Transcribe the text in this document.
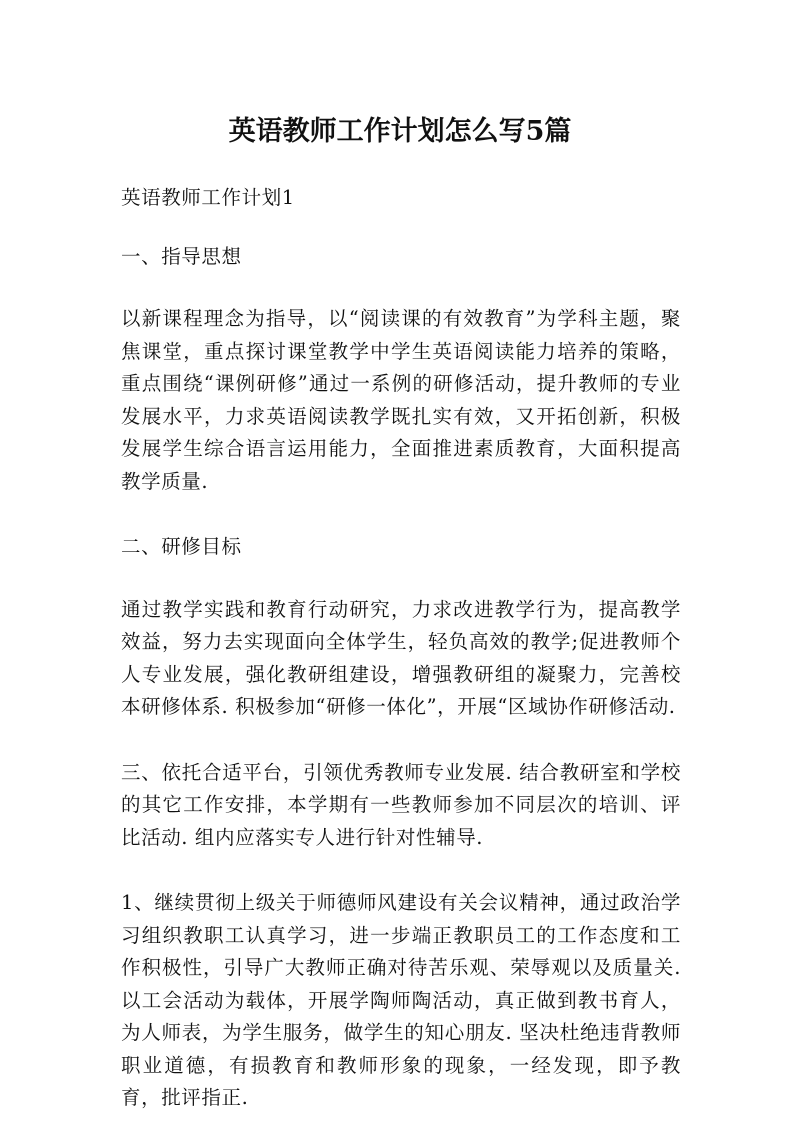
英语教师工作计划怎么写5篇

英语教师工作计划1

一、指导思想

以新课程理念为指导，以“阅读课的有效教育”为学科主题，聚焦课堂，重点探讨课堂教学中学生英语阅读能力培养的策略，重点围绕“课例研修”通过一系例的研修活动，提升教师的专业发展水平，力求英语阅读教学既扎实有效，又开拓创新，积极发展学生综合语言运用能力，全面推进素质教育，大面积提高教学质量.

二、研修目标

通过教学实践和教育行动研究，力求改进教学行为，提高教学效益，努力去实现面向全体学生，轻负高效的教学;促进教师个人专业发展，强化教研组建设，增强教研组的凝聚力，完善校本研修体系. 积极参加“研修一体化”，开展“区域协作研修活动.

三、依托合适平台，引领优秀教师专业发展. 结合教研室和学校的其它工作安排，本学期有一些教师参加不同层次的培训、评比活动. 组内应落实专人进行针对性辅导.

1、继续贯彻上级关于师德师风建设有关会议精神，通过政治学习组织教职工认真学习，进一步端正教职员工的工作态度和工作积极性，引导广大教师正确对待苦乐观、荣辱观以及质量关. 以工会活动为载体，开展学陶师陶活动，真正做到教书育人，为人师表，为学生服务，做学生的知心朋友. 坚决杜绝违背教师职业道德，有损教育和教师形象的现象，一经发现，即予教育，批评指正.
